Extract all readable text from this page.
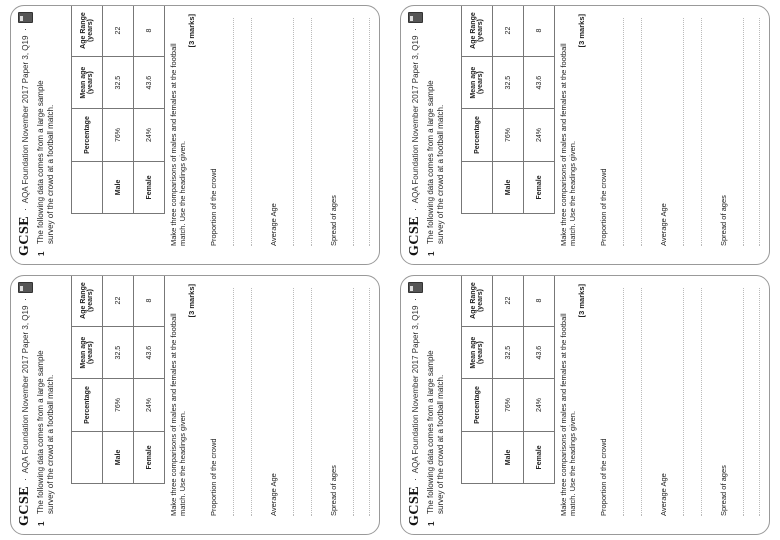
GCSE
AQA Foundation November 2017 Paper 3, Q19
1
The following data comes from a large sample survey of the crowd at a football match.
		Percentage	Mean age (years)	Age Range (years)
Male	76%	32.5	22
Female	24%	43.6	8
Make three comparisons of males and females at the football match. Use the headings given.
[3 marks]
Proportion of the crowd	Average Age	Spread of ages	GCSE
AQA Foundation November 2017 Paper 3, Q19
1
The following data comes from a large sample survey of the crowd at a football match.
		Percentage	Mean age (years)	Age Range (years)
Male	76%	32.5	22
Female	24%	43.6	8
Make three comparisons of males and females at the football match. Use the headings given.
[3 marks]
Proportion of the crowd	Average Age	Spread of ages
GCSE
AQA Foundation November 2017 Paper 3, Q19
1
The following data comes from a large sample survey of the crowd at a football match.
		Percentage	Mean age (years)	Age Range (years)
Male	76%	32.5	22
Female	24%	43.6	8
Make three comparisons of males and females at the football match. Use the headings given.
[3 marks]
Proportion of the crowd	Average Age	Spread of ages	GCSE
AQA Foundation November 2017 Paper 3, Q19
1
The following data comes from a large sample survey of the crowd at a football match.
		Percentage	Mean age (years)	Age Range (years)
Male	76%	32.5	22
Female	24%	43.6	8
Make three comparisons of males and females at the football match. Use the headings given.
[3 marks]
Proportion of the crowd	Average Age	Spread of ages
